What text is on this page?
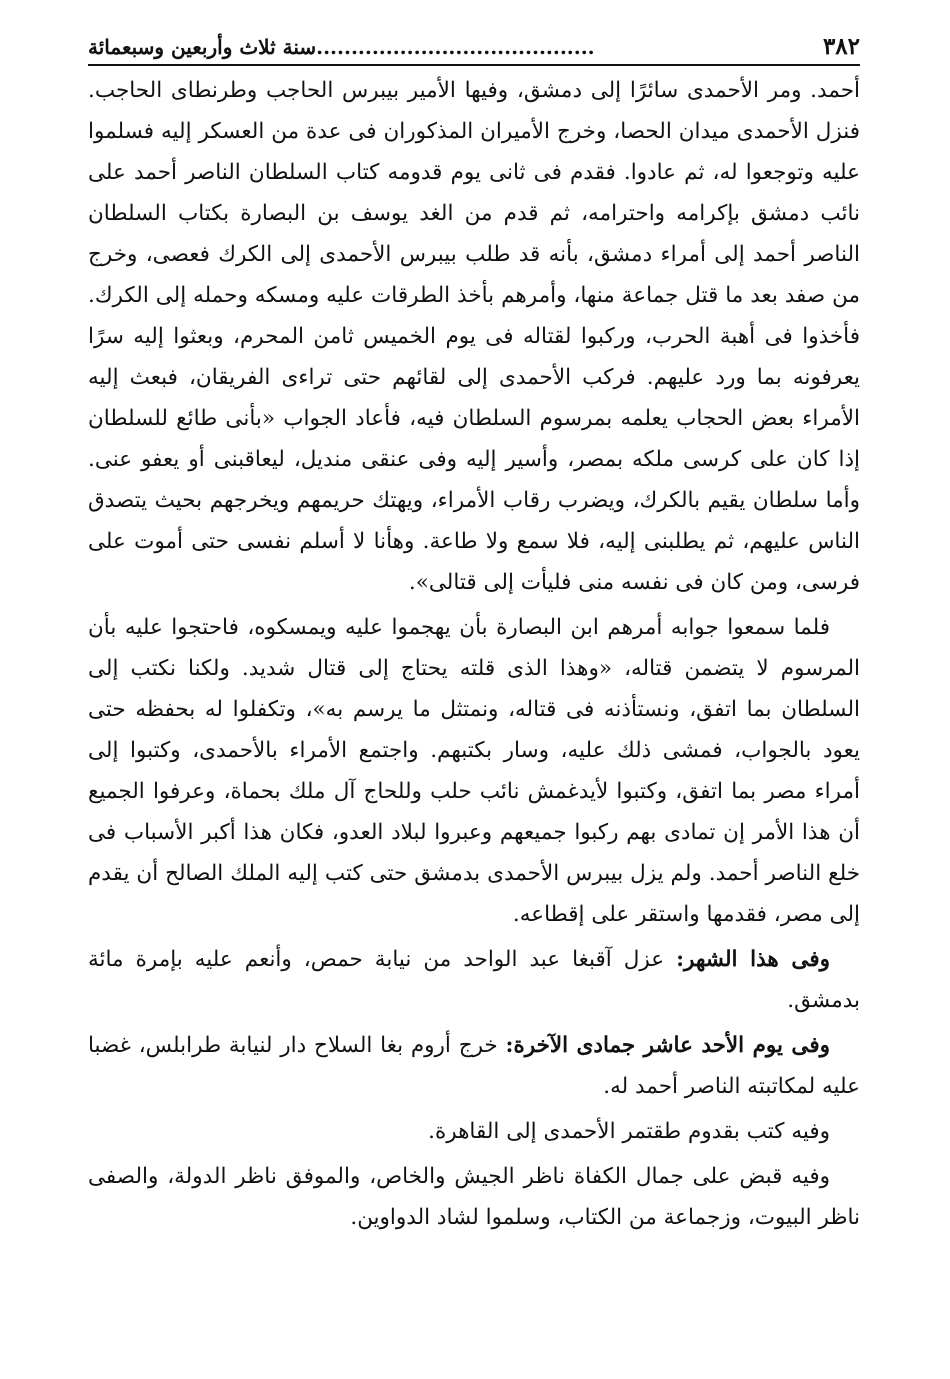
٣٨٢
........................................سنة ثلاث وأربعين وسبعمائة

أحمد. ومر الأحمدى سائرًا إلى دمشق، وفيها الأمير بيبرس الحاجب وطرنطاى الحاجب. فنزل الأحمدى ميدان الحصا، وخرج الأميران المذكوران فى عدة من العسكر إليه فسلموا عليه وتوجعوا له، ثم عادوا. فقدم فى ثانى يوم قدومه كتاب السلطان الناصر أحمد على نائب دمشق بإكرامه واحترامه، ثم قدم من الغد يوسف بن البصارة بكتاب السلطان الناصر أحمد إلى أمراء دمشق، بأنه قد طلب بيبرس الأحمدى إلى الكرك فعصى، وخرج من صفد بعد ما قتل جماعة منها، وأمرهم بأخذ الطرقات عليه ومسكه وحمله إلى الكرك. فأخذوا فى أهبة الحرب، وركبوا لقتاله فى يوم الخميس ثامن المحرم، وبعثوا إليه سرًا يعرفونه بما ورد عليهم. فركب الأحمدى إلى لقائهم حتى تراءى الفريقان، فبعث إليه الأمراء بعض الحجاب يعلمه بمرسوم السلطان فيه، فأعاد الجواب «بأنى طائع للسلطان إذا كان على كرسى ملكه بمصر، وأسير إليه وفى عنقى منديل، ليعاقبنى أو يعفو عنى. وأما سلطان يقيم بالكرك، ويضرب رقاب الأمراء، ويهتك حريمهم ويخرجهم بحيث يتصدق الناس عليهم، ثم يطلبنى إليه، فلا سمع ولا طاعة. وهأنا لا أسلم نفسى حتى أموت على فرسى، ومن كان فى نفسه منى فليأت إلى قتالى».

فلما سمعوا جوابه أمرهم ابن البصارة بأن يهجموا عليه ويمسكوه، فاحتجوا عليه بأن المرسوم لا يتضمن قتاله، «وهذا الذى قلته يحتاج إلى قتال شديد. ولكنا نكتب إلى السلطان بما اتفق، ونستأذنه فى قتاله، ونمتثل ما يرسم به»، وتكفلوا له بحفظه حتى يعود بالجواب، فمشى ذلك عليه، وسار بكتبهم. واجتمع الأمراء بالأحمدى، وكتبوا إلى أمراء مصر بما اتفق، وكتبوا لأيدغمش نائب حلب وللحاج آل ملك بحماة، وعرفوا الجميع أن هذا الأمر إن تمادى بهم ركبوا جميعهم وعبروا لبلاد العدو، فكان هذا أكبر الأسباب فى خلع الناصر أحمد. ولم يزل بيبرس الأحمدى بدمشق حتى كتب إليه الملك الصالح أن يقدم إلى مصر، فقدمها واستقر على إقطاعه.

وفى هذا الشهر: عزل آقبغا عبد الواحد من نيابة حمص، وأنعم عليه بإمرة مائة بدمشق.

وفى يوم الأحد عاشر جمادى الآخرة: خرج أروم بغا السلاح دار لنيابة طرابلس، غضبا عليه لمكاتبته الناصر أحمد له.

وفيه كتب بقدوم طقتمر الأحمدى إلى القاهرة.

وفيه قبض على جمال الكفاة ناظر الجيش والخاص، والموفق ناظر الدولة، والصفى ناظر البيوت، وزجماعة من الكتاب، وسلموا لشاد الدواوين.
